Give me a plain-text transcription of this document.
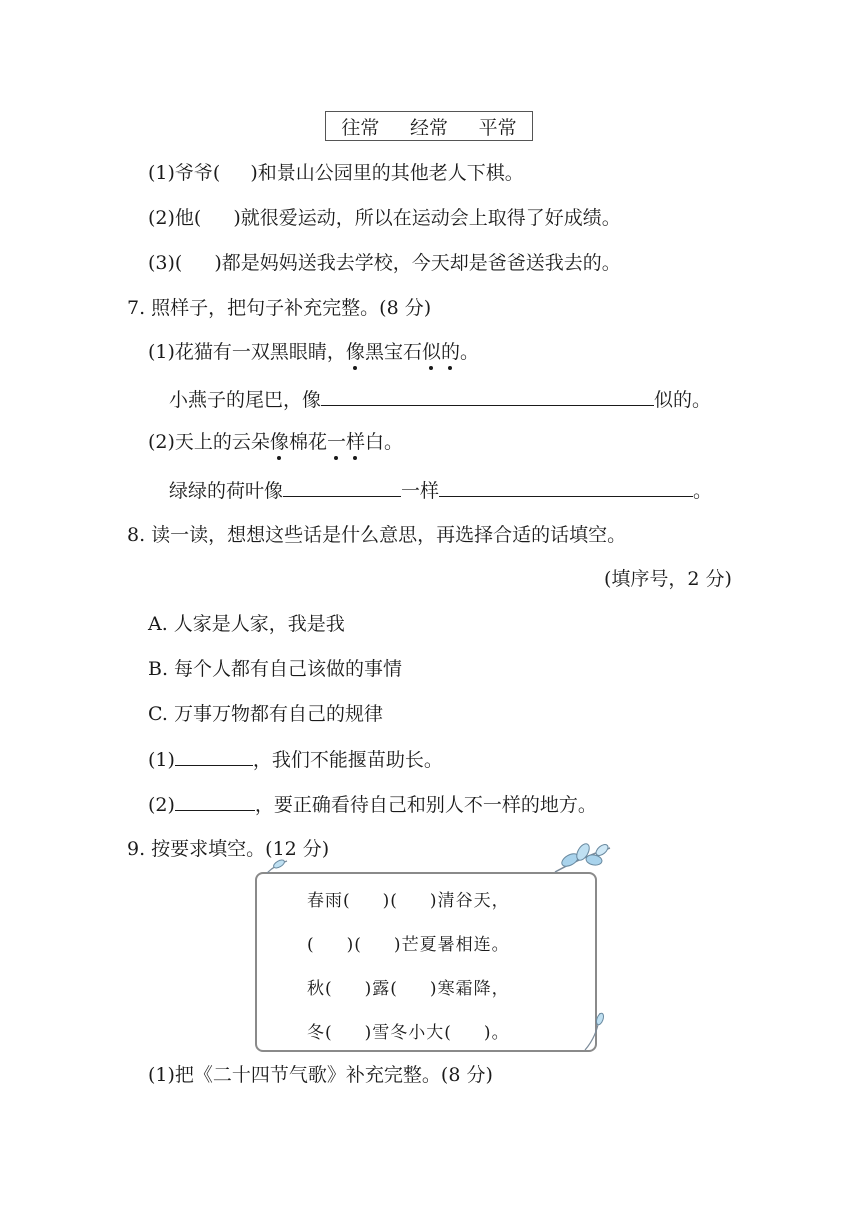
往常 经常 平常
(1)爷爷( )和景山公园里的其他老人下棋。
(2)他( )就很爱运动，所以在运动会上取得了好成绩。
(3)( )都是妈妈送我去学校，今天却是爸爸送我去的。
7. 照样子，把句子补充完整。(8 分)
(1)花猫有一双黑眼睛，像黑宝石似的。
小燕子的尾巴，像	似的。
(2)天上的云朵像棉花一样白。
绿绿的荷叶像	一样	。
8. 读一读，想想这些话是什么意思，再选择合适的话填空。
(填序号，2 分)
A. 人家是人家，我是我
B. 每个人都有自己该做的事情
C. 万事万物都有自己的规律
(1)	，我们不能揠苗助长。
(2)	，要正确看待自己和别人不一样的地方。
9. 按要求填空。(12 分)
春雨(     )(     )清谷天，
(     )(     )芒夏暑相连。
秋(     )露(     )寒霜降，
冬(     )雪冬小大(     )。
(1)把《二十四节气歌》补充完整。(8 分)
